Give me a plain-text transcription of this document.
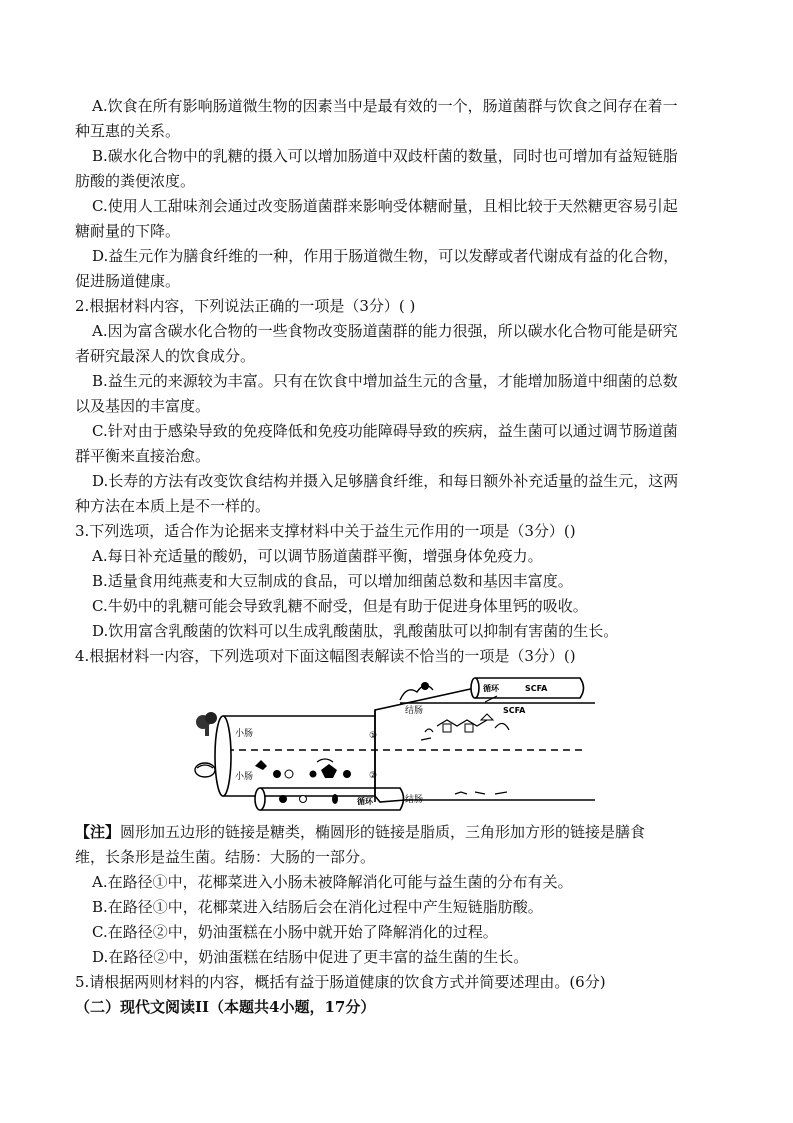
A.饮食在所有影响肠道微生物的因素当中是最有效的一个，肠道菌群与饮食之间存在着一
种互惠的关系。
B.碳水化合物中的乳糖的摄入可以增加肠道中双歧杆菌的数量，同时也可增加有益短链脂
肪酸的粪便浓度。
C.使用人工甜味剂会通过改变肠道菌群来影响受体糖耐量，且相比较于天然糖更容易引起
糖耐量的下降。
D.益生元作为膳食纤维的一种，作用于肠道微生物，可以发酵或者代谢成有益的化合物，
促进肠道健康。
2.根据材料内容，下列说法正确的一项是（3分）( )
A.因为富含碳水化合物的一些食物改变肠道菌群的能力很强，所以碳水化合物可能是研究
者研究最深人的饮食成分。
B.益生元的来源较为丰富。只有在饮食中增加益生元的含量，才能增加肠道中细菌的总数
以及基因的丰富度。
C.针对由于感染导致的免疫降低和免疫功能障碍导致的疾病，益生菌可以通过调节肠道菌
群平衡来直接治愈。
D.长寿的方法有改变饮食结构并摄入足够膳食纤维，和每日额外补充适量的益生元，这两
种方法在本质上是不一样的。
3.下列选项，适合作为论据来支撑材料中关于益生元作用的一项是（3分）()
A.每日补充适量的酸奶，可以调节肠道菌群平衡，增强身体免疫力。
B.适量食用纯燕麦和大豆制成的食品，可以增加细菌总数和基因丰富度。
C.牛奶中的乳糖可能会导致乳糖不耐受，但是有助于促进身体里钙的吸收。
D.饮用富含乳酸菌的饮料可以生成乳酸菌肽，乳酸菌肽可以抑制有害菌的生长。
4.根据材料一内容，下列选项对下面这幅图表解读不恰当的一项是（3分）()
小肠
小肠
结肠
结肠
循环
循环
SCFA
SCFA
①
②
【注】圆形加五边形的链接是糖类，椭圆形的链接是脂质，三角形加方形的链接是膳食
维，长条形是益生菌。结肠：大肠的一部分。
A.在路径①中，花椰菜进入小肠未被降解消化可能与益生菌的分布有关。
B.在路径①中，花椰菜进入结肠后会在消化过程中产生短链脂肪酸。
C.在路径②中，奶油蛋糕在小肠中就开始了降解消化的过程。
D.在路径②中，奶油蛋糕在结肠中促进了更丰富的益生菌的生长。
5.请根据两则材料的内容，概括有益于肠道健康的饮食方式并简要述理由。(6分)
（二）现代文阅读II（本题共4小题，17分）
